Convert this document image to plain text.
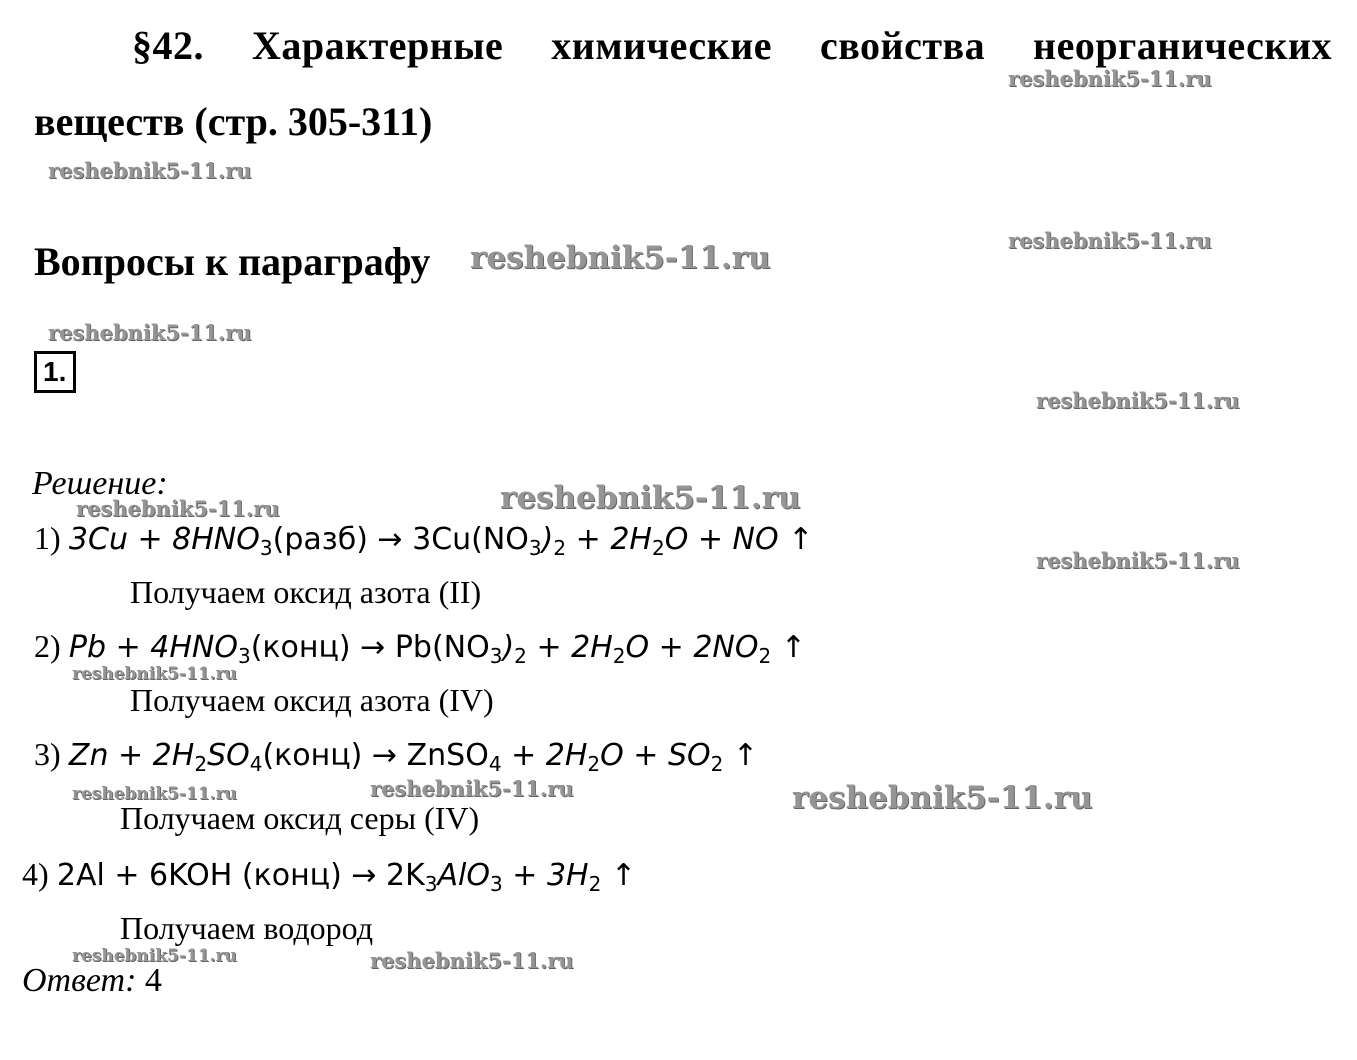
§42. Характерные химические свойства неорганических
веществ (стр. 305-311)
Вопросы к параграфу
1.
Решение:
1) $3Cu + 8HNO_3(разб) \to 3Cu(NO_3)_2 + 2H_2O$ + NO ↑
Получаем оксид азота (II)
2) $Pb + 4HNO_3(конц) \to Pb(NO_3)_2 + 2H_2O + 2NO_2$ ↑
Получаем оксид азота (IV)
3) $Zn + 2H_2SO_4(конц)$ → ZnSO$_4$ + $2H_2O + SO_2$ ↑
Получаем оксид серы (IV)
4) 2Al + 6KOH (конц) → $2K_3AlO_3 + 3H_2$ ↑
Получаем водород
Ответ: 4
reshebnik5-11.ru
reshebnik5-11.ru
reshebnik5-11.ru
reshebnik5-11.ru
reshebnik5-11.ru
reshebnik5-11.ru
reshebnik5-11.ru
reshebnik5-11.ru
reshebnik5-11.ru
reshebnik5-11.ru
reshebnik5-11.ru
reshebnik5-11.ru	reshebnik5-11.ru
reshebnik5-11.ru	reshebnik5-11.ru
